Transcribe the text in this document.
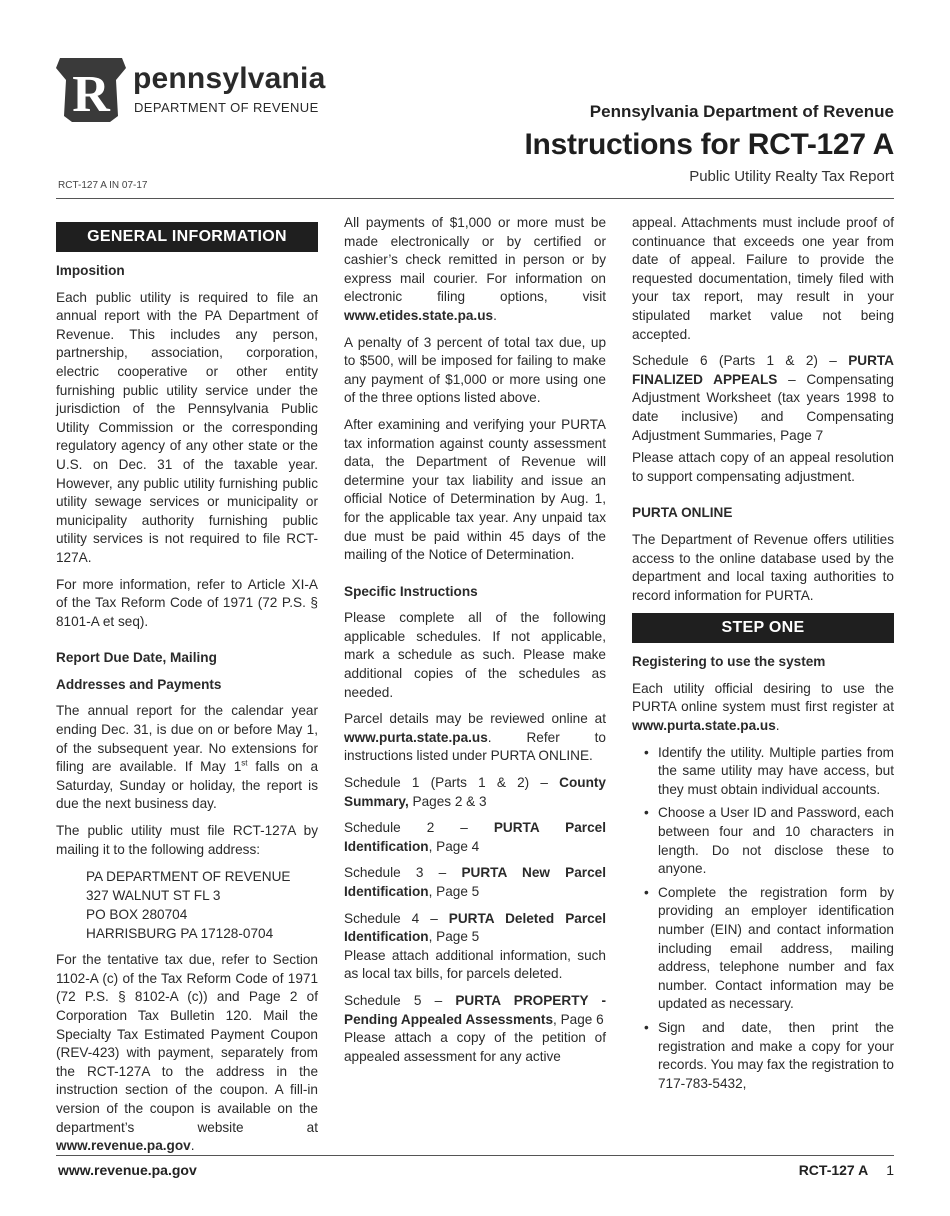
R pennsylvania
DEPARTMENT OF REVENUE	Pennsylvania Department of Revenue
Instructions for RCT-127 A
Public Utility Realty Tax Report
RCT-127 A IN 07-17
GENERAL INFORMATION

Imposition

Each public utility is required to file an annual report with the PA Department of Revenue. This includes any person, partnership, association, corporation, electric cooperative or other entity furnishing public utility service under the jurisdiction of the Pennsylvania Public Utility Commission or the corresponding regulatory agency of any other state or the U.S. on Dec. 31 of the taxable year. However, any public utility furnishing public utility sewage services or municipality or municipality authority furnishing public utility services is not required to file RCT-127A.

For more information, refer to Article XI-A of the Tax Reform Code of 1971 (72 P.S. § 8101-A et seq).

Report Due Date, Mailing

Addresses and Payments

The annual report for the calendar year ending Dec. 31, is due on or before May 1, of the subsequent year. No extensions for filing are available. If May 1st falls on a Saturday, Sunday or holiday, the report is due the next business day.

The public utility must file RCT-127A by mailing it to the following address:

PA DEPARTMENT OF REVENUE
327 WALNUT ST FL 3
PO BOX 280704
HARRISBURG PA 17128-0704

For the tentative tax due, refer to Section 1102-A (c) of the Tax Reform Code of 1971 (72 P.S. § 8102-A (c)) and Page 2 of Corporation Tax Bulletin 120. Mail the Specialty Tax Estimated Payment Coupon (REV-423) with payment, separately from the RCT-127A to the address in the instruction section of the coupon. A fill-in version of the coupon is available on the department’s website at www.revenue.pa.gov.

All payments of $1,000 or more must be made electronically or by certified or cashier’s check remitted in person or by express mail courier. For information on electronic filing options, visit www.etides.state.pa.us.

A penalty of 3 percent of total tax due, up to $500, will be imposed for failing to make any payment of $1,000 or more using one of the three options listed above.

After examining and verifying your PURTA tax information against county assessment data, the Department of Revenue will determine your tax liability and issue an official Notice of Determination by Aug. 1, for the applicable tax year. Any unpaid tax due must be paid within 45 days of the mailing of the Notice of Determination.

Specific Instructions

Please complete all of the following applicable schedules. If not applicable, mark a schedule as such. Please make additional copies of the schedules as needed.

Parcel details may be reviewed online at www.purta.state.pa.us. Refer to instructions listed under PURTA ONLINE.

Schedule 1 (Parts 1 & 2) – County Summary, Pages 2 & 3

Schedule 2 – PURTA Parcel Identification, Page 4

Schedule 3 – PURTA New Parcel Identification, Page 5

Schedule 4 – PURTA Deleted Parcel Identification, Page 5

Please attach additional information, such as local tax bills, for parcels deleted.

Schedule 5 – PURTA PROPERTY - Pending Appealed Assessments, Page 6

Please attach a copy of the petition of appealed assessment for any active

appeal. Attachments must include proof of continuance that exceeds one year from date of appeal. Failure to provide the requested documentation, timely filed with your tax report, may result in your stipulated market value not being accepted.

Schedule 6 (Parts 1 & 2) – PURTA FINALIZED APPEALS – Compensating Adjustment Worksheet (tax years 1998 to date inclusive) and Compensating Adjustment Summaries, Page 7

Please attach copy of an appeal resolution to support compensating adjustment.

PURTA ONLINE

The Department of Revenue offers utilities access to the online database used by the department and local taxing authorities to record information for PURTA.

STEP ONE

Registering to use the system

Each utility official desiring to use the PURTA online system must first register at www.purta.state.pa.us.

• Identify the utility. Multiple parties from the same utility may have access, but they must obtain individual accounts.
• Choose a User ID and Password, each between four and 10 characters in length. Do not disclose these to anyone.
• Complete the registration form by providing an employer identification number (EIN) and contact information including email address, mailing address, telephone number and fax number. Contact information may be updated as necessary.
• Sign and date, then print the registration and make a copy for your records. You may fax the registration to 717-783-5432,
www.revenue.pa.gov	RCT-127 A 1
